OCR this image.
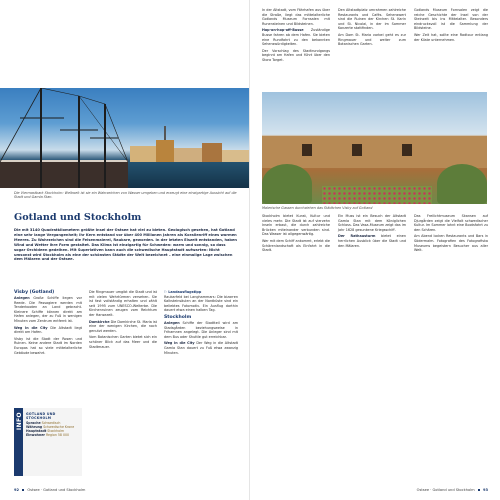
Die Viermastbark Stockholm: Weltweit ist sie ein Wahrzeichen von Wasser umgeben und erzeugt eine einzigartige Aussicht auf die Stadt und Gamla Stan.
Gotland und Stockholm
Die mit 3140 Quadratkilometern größte Insel der Ostsee hat viel zu bieten. Geologisch gesehen, hat Gotland eine sehr lange Vergangenheit; ihr Kern entstand vor über 400 Millionen Jahren als Korallenriff eines warmen Meeres. Zu Wahrzeichen sind die Felsenmalerei, Raukare, geworden. In der letzten Eiszeit entstanden, haben Wind und Wetter ihre Form gestaltet. Das Klima ist einzigartig für Schweden: warm und sonnig, so dass sogar Orchideen gedeihen. Mit Superlativen kann auch die schwedische Hauptstadt aufwarten: Nicht umsonst wird Stockholm als eine der schönsten Städte der Welt bezeichnet – eine einmalige Lage zwischen dem Mälaren und der Ostsee.
Visby (Gotland)

Anlegen Große Schiffe liegen vor Reede. Die Passagiere werden mit Tenderbooten an Land gebracht. Kleinere Schiffe können direkt am Hafen anlegen, der zu Fuß in wenigen Minuten vom Zentrum entfernt ist.

Weg in die City Die Altstadt liegt direkt am Hafen.

Visby ist die Stadt der Rosen und Ruinen. Keine andere Stadt im Norden Europas hat so viele mittelalterliche Gebäude bewahrt.

Die Ringmauer umgibt die Stadt und ist mit vielen Wehrtürmen versehen. Sie ist fast vollständig erhalten und zählt seit 1995 zum UNESCO-Welterbe. Die Kirchenruinen zeugen vom Reichtum der Hansezeit.

Domkirche Die Domkirche St. Maria ist eine der wenigen Kirchen, die noch genutzt werden.

Vom Botanischen Garten bietet sich ein schöner Blick auf das Meer und die Stadtmauer.

⚐ Landausflugstipp

Raukarfeld bei Langhammars: Die bizarren Kalksteinsäulen an der Nordküste sind ein beliebtes Fotomotiv. Ein Ausflug dorthin dauert etwa einen halben Tag.

Stockholm

Anlegen Schiffe der Stadtteil wird am Stadsgården beziehungsweise in Frihamnen angelegt. Die Anleger sind mit dem Bus oder Shuttle gut erreichbar.

Weg in die City Der Weg in die Altstadt Gamla Stan dauert zu Fuß etwa zwanzig Minuten.

INFO GOTLAND UND STOCKHOLM
Sprache Schwedisch
Währung Schwedische Krone
Hauptstadt Stockholm
Einwohner Region 58 000
92 Ostsee · Gotland und Stockholm

In der Altstadt, vom Fährhafen aus über die Straße, liegt das mittelalterliche Gotlands Museum Fornsalen mit Runensteinen und Bildsteinen.

Hop-on-hop-off-Busse Zuständige Busse fahren ab dem Hafen. Sie bieten eine Rundfahrt zu den bekannten Sehenswürdigkeiten.

Der Vorschlag des Stadtrundgangs beginnt am Hafen und führt über den Stora Torget.

Den Altstadtplatz umrahmen zahlreiche Restaurants und Cafés. Sehenswert sind die Ruinen der Kirchen St. Karin und St. Nicolai, in der im Sommer Konzerte stattfinden.

Am Dom St. Maria vorbei geht es zur Ringmauer und weiter zum Botanischen Garten.

Gotlands Museum Fornsalen zeigt die reiche Geschichte der Insel von der Steinzeit bis ins Mittelalter. Besonders eindrucksvoll ist die Sammlung der Bildsteine.

Wer Zeit hat, sollte eine Radtour entlang der Küste unternehmen.

Malerische Gassen durchziehen das Städtchen Visby auf Gotland

Stockholm bietet Kunst, Kultur und vieles mehr. Die Stadt ist auf vierzehn Inseln erbaut, die durch zahlreiche Brücken miteinander verbunden sind. Das Wasser ist allgegenwärtig.

Wer mit dem Schiff ankommt, erlebt die Schärenlandschaft als Einfahrt in die Stadt.

Ein Muss ist ein Besuch der Altstadt Gamla Stan mit dem Königlichen Schloss. Das Vasa-Museum zeigt das im Jahr 1628 gesunkene Kriegsschiff.

Der Rathausturm bietet einen herrlichen Ausblick über die Stadt und den Mälaren.

Das Freilichtmuseum Skansen auf Djurgården zeigt die Vielfalt schwedischer Kultur. Im Sommer lohnt eine Bootsfahrt zu den Schären.

Am Abend locken Restaurants und Bars in Södermalm. Fotografien des Fotografiska Museums begeistern Besucher aus aller Welt.

Ostsee · Gotland und Stockholm 93
